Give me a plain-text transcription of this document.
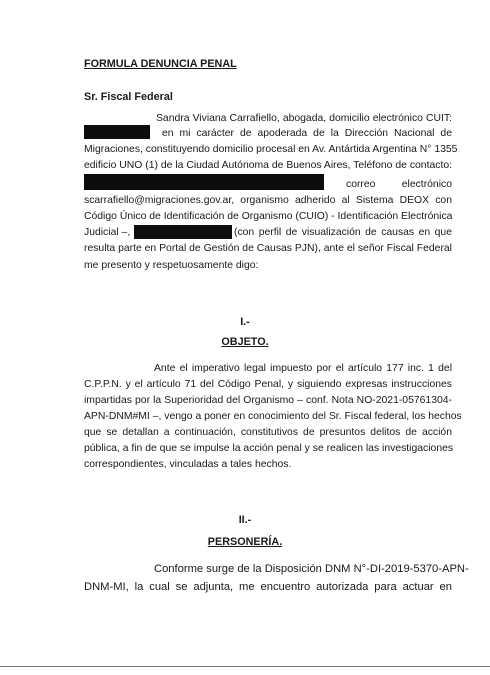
FORMULA DENUNCIA PENAL
Sr. Fiscal Federal
Sandra Viviana Carrafiello, abogada, domicilio electrónico CUIT:
en mi carácter de apoderada de la Dirección Nacional de
Migraciones, constituyendo domicilio procesal en Av. Antártida Argentina N° 1355
edificio UNO (1) de la Ciudad Autónoma de Buenos Aires, Teléfono de contacto:
correo electrónico
scarrafiello@migraciones.gov.ar, organismo adherido al Sistema DEOX con
Código Único de Identificación de Organismo (CUIO) - Identificación Electrónica
Judicial –,	(con perfil de visualización de causas en que
resulta parte en Portal de Gestión de Causas PJN), ante el señor Fiscal Federal
me presento y respetuosamente digo:
I.-
OBJETO.
Ante el imperativo legal impuesto por el artículo 177 inc. 1 del
C.P.P.N. y el artículo 71 del Código Penal, y siguiendo expresas instrucciones
impartidas por la Superioridad del Organismo – conf. Nota NO-2021-05761304-
APN-DNM#MI –, vengo a poner en conocimiento del Sr. Fiscal federal, los hechos
que se detallan a continuación, constitutivos de presuntos delitos de acción
pública, a fin de que se impulse la acción penal y se realicen las investigaciones
correspondientes, vinculadas a tales hechos.
II.-
PERSONERÍA.
Conforme surge de la Disposición DNM N°-DI-2019-5370-APN-
DNM-MI, la cual se adjunta, me encuentro autorizada para actuar en
